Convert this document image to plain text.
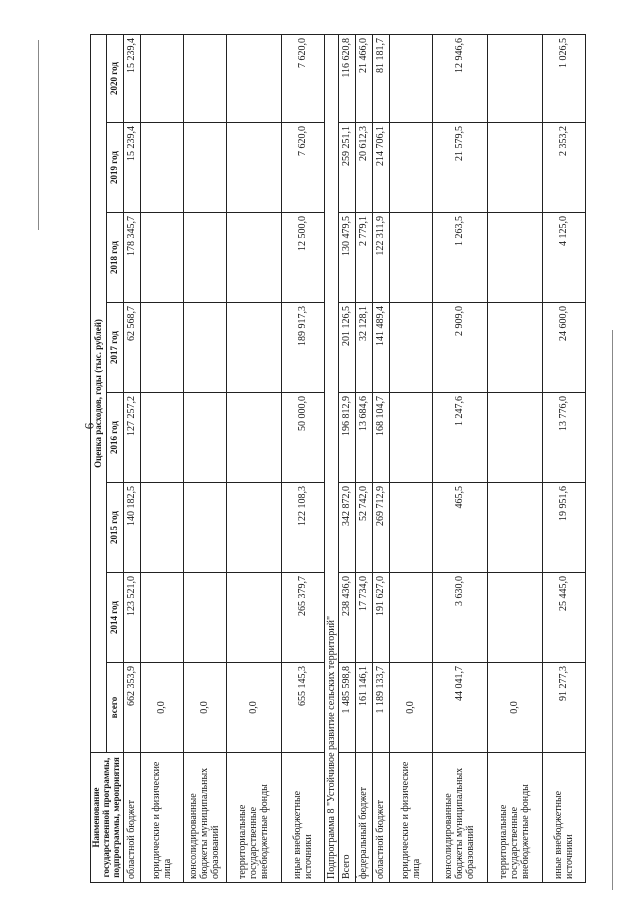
6
Наименование государственной программы, подпрограммы, мероприятия	Оценка расходов, годы (тыс. рублей)							
	всего	2014 год	2015 год	2016 год	2017 год	2018 год	2019 год	2020 год
областной бюджет	662 353,9	123 521,0	140 182,5	127 257,2	62 568,7	178 345,7	15 239,4	15 239,4
юридические и физические лица	0,0							
консолидированные бюджеты муниципальных образований	0,0							
территориальные государственные внебюджетные фонды	0,0							
иные внебюджетные источники	655 145,3	265 379,7	122 108,3	50 000,0	189 917,3	12 500,0	7 620,0	7 620,0
Подпрограмма 8 "Устойчивое развитие сельских территорий"								
Всего	1 485 598,8	238 436,0	342 872,0	196 812,9	201 126,5	130 479,5	259 251,1	116 620,8
федеральный бюджет	161 146,1	17 734,0	52 742,0	13 684,6	32 128,1	2 779,1	20 612,3	21 466,0
областной бюджет	1 189 133,7	191 627,0	269 712,9	168 104,7	141 489,4	122 311,9	214 706,1	81 181,7
юридические и физические лица	0,0							
консолидированные бюджеты муниципальных образований	44 041,7	3 630,0	465,5	1 247,6	2 909,0	1 263,5	21 579,5	12 946,6
территориальные государственные внебюджетные фонды	0,0							
иные внебюджетные источники	91 277,3	25 445,0	19 951,6	13 776,0	24 600,0	4 125,0	2 353,2	1 026,5
